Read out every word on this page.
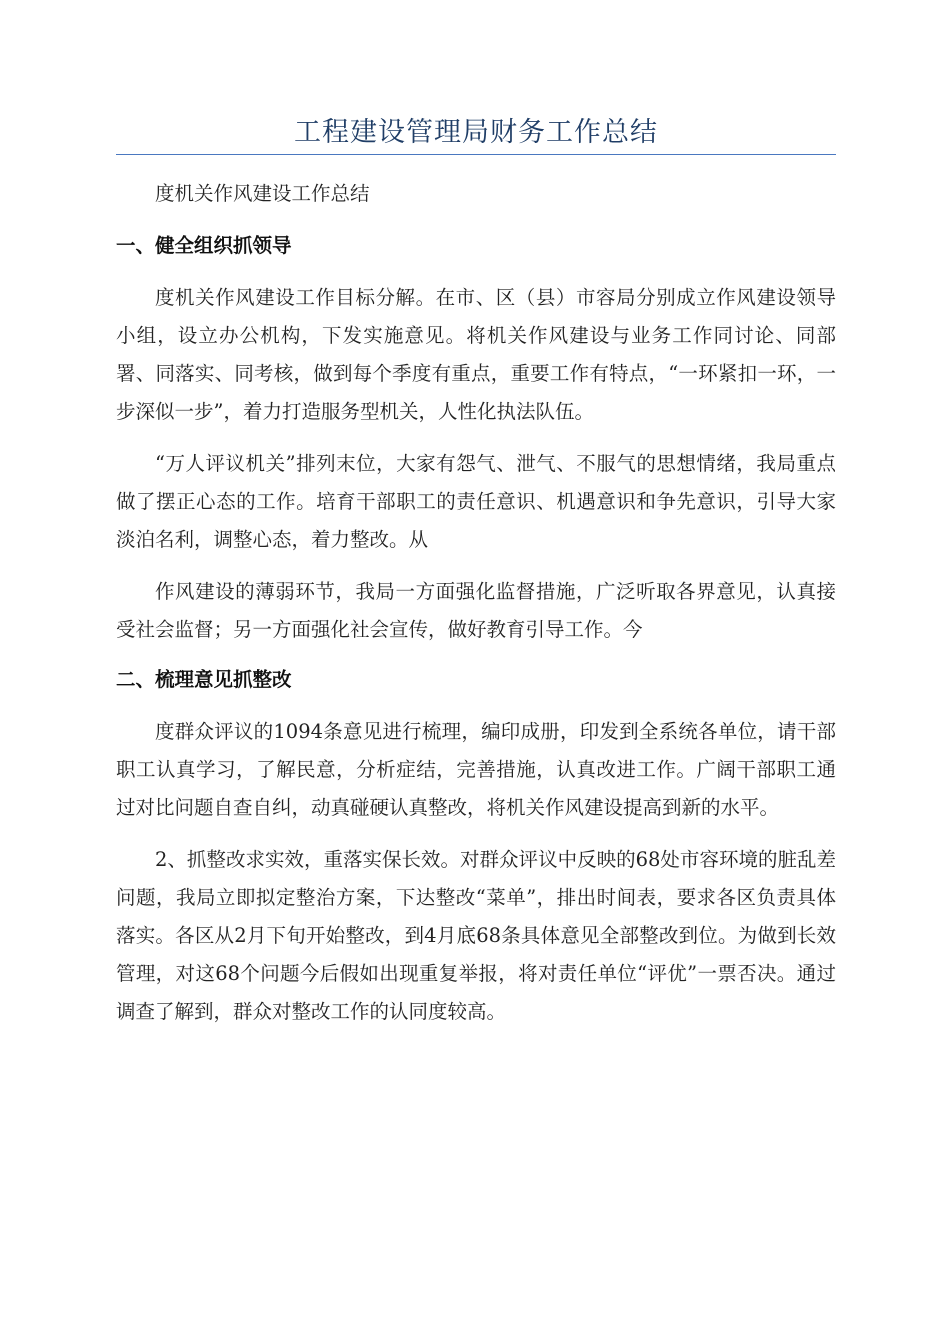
工程建设管理局财务工作总结

度机关作风建设工作总结

一、健全组织抓领导

度机关作风建设工作目标分解。在市、区（县）市容局分别成立作风建设领导小组，设立办公机构，下发实施意见。将机关作风建设与业务工作同讨论、同部署、同落实、同考核，做到每个季度有重点，重要工作有特点，“一环紧扣一环，一步深似一步”，着力打造服务型机关，人性化执法队伍。

“万人评议机关”排列末位，大家有怨气、泄气、不服气的思想情绪，我局重点做了摆正心态的工作。培育干部职工的责任意识、机遇意识和争先意识，引导大家淡泊名利，调整心态，着力整改。从

作风建设的薄弱环节，我局一方面强化监督措施，广泛听取各界意见，认真接受社会监督；另一方面强化社会宣传，做好教育引导工作。今

二、梳理意见抓整改

度群众评议的1094条意见进行梳理，编印成册，印发到全系统各单位，请干部职工认真学习，了解民意，分析症结，完善措施，认真改进工作。广阔干部职工通过对比问题自查自纠，动真碰硬认真整改，将机关作风建设提高到新的水平。

2、抓整改求实效，重落实保长效。对群众评议中反映的68处市容环境的脏乱差问题，我局立即拟定整治方案，下达整改“菜单”，排出时间表，要求各区负责具体落实。各区从2月下旬开始整改，到4月底68条具体意见全部整改到位。为做到长效管理，对这68个问题今后假如出现重复举报，将对责任单位“评优”一票否决。通过调查了解到，群众对整改工作的认同度较高。
